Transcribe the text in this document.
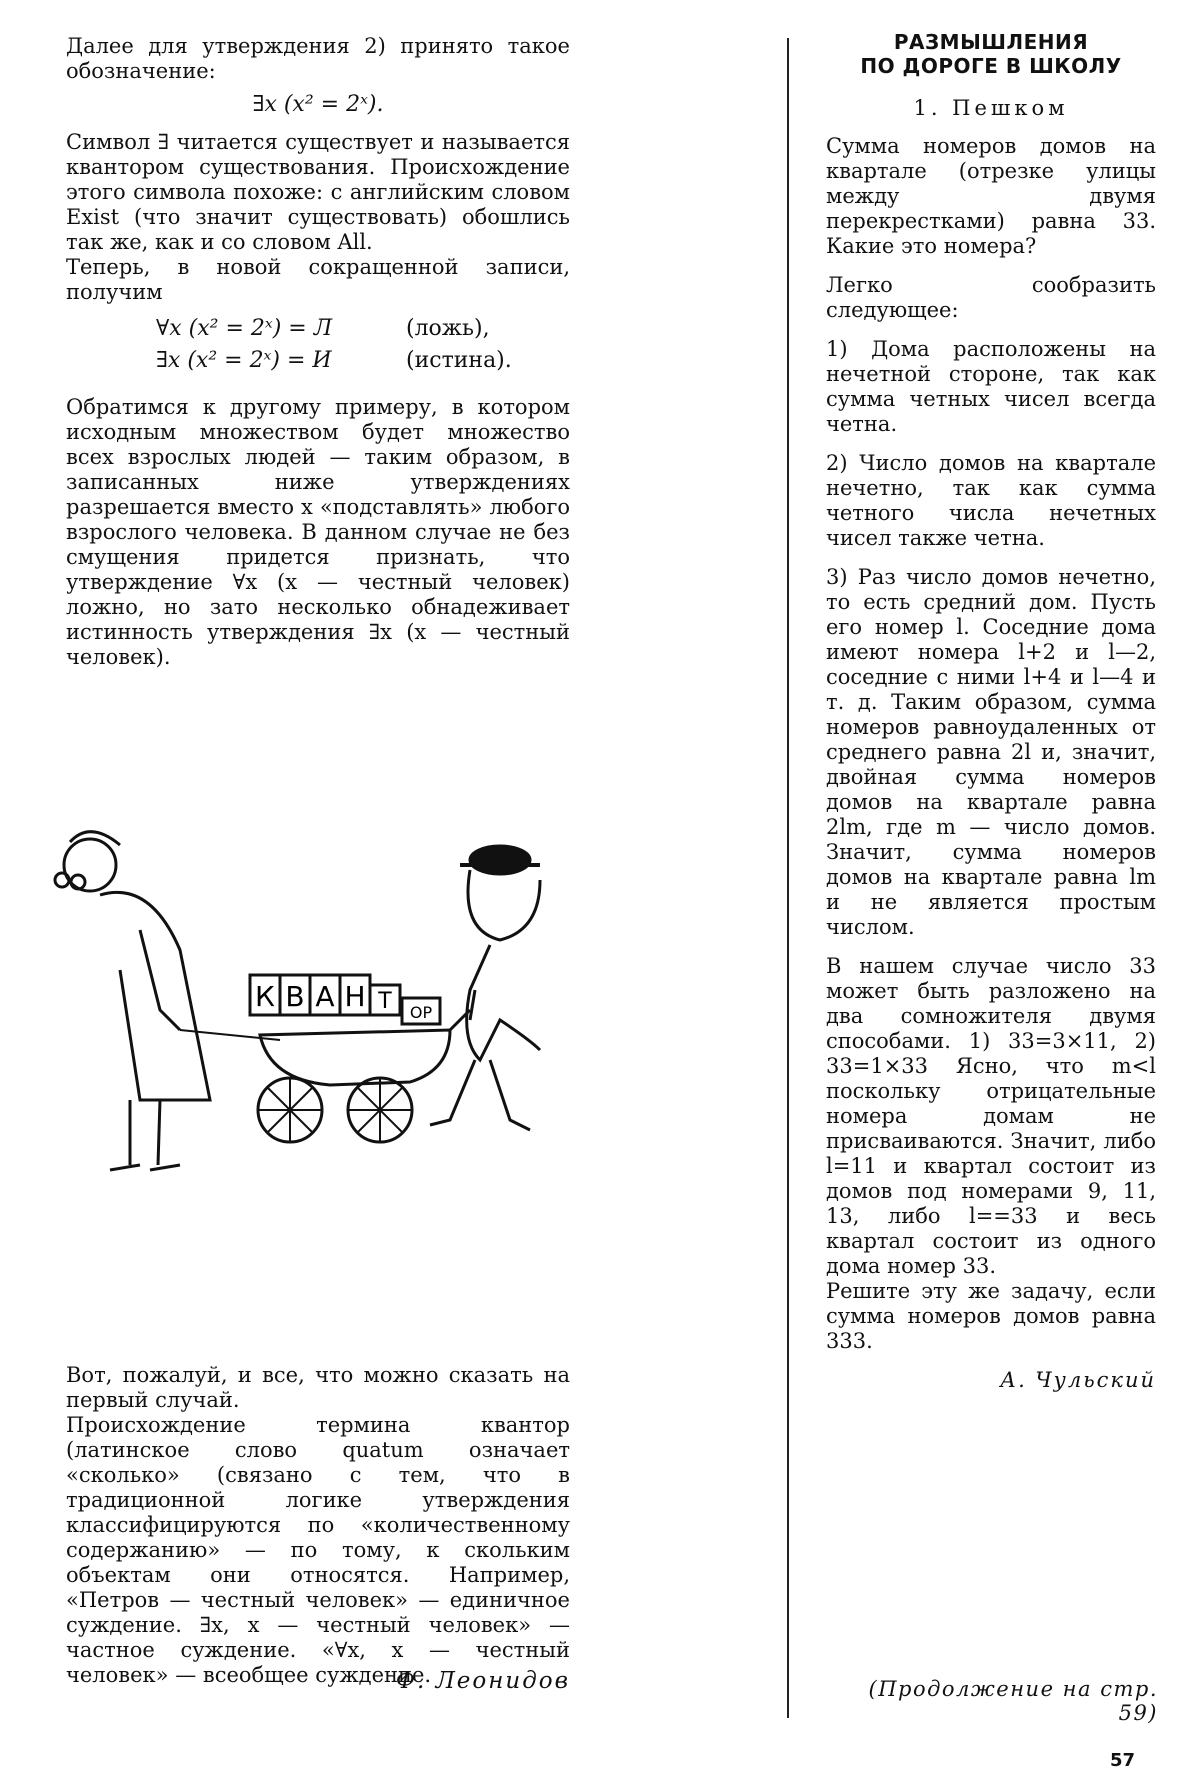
Далее для утверждения 2) принято такое обозначение:

∃x (x² = 2ˣ).

Символ ∃ читается существует и называется квантором существования. Происхождение этого символа похоже: с английским словом Exist (что значит существовать) обошлись так же, как и со словом All.

Теперь, в новой сокращенной записи, получим

∀x (x² = 2ˣ) = Л	(ложь),
∃x (x² = 2ˣ) = И	(истина).

Обратимся к другому примеру, в котором исходным множеством будет множество всех взрослых людей — таким образом, в записанных ниже утверждениях разрешается вместо x «подставлять» любого взрослого человека. В данном случае не без смущения придется признать, что утверждение ∀x (x — честный человек) ложно, но зато несколько обнадеживает истинность утверждения ∃x (x — честный человек).

К В А Н Т ОР

Вот, пожалуй, и все, что можно сказать на первый случай.

Происхождение термина квантор (латинское слово quatum означает «сколько» (связано с тем, что в традиционной логике утверждения классифицируются по «количественному содержанию» — по тому, к скольким объектам они относятся. Например, «Петров — честный человек» — единичное суждение. ∃x, x — честный человек» — частное суждение. «∀x, x — честный человек» — всеобщее суждение.

Ф. Леонидов
РАЗМЫШЛЕНИЯ
ПО ДОРОГЕ В ШКОЛУ
1. Пешком

Сумма номеров домов на квартале (отрезке улицы между двумя перекрестками) равна 33. Какие это номера?

Легко сообразить следующее:

1) Дома расположены на нечетной стороне, так как сумма четных чисел всегда четна.

2) Число домов на квартале нечетно, так как сумма четного числа нечетных чисел также четна.

3) Раз число домов нечетно, то есть средний дом. Пусть его номер l. Соседние дома имеют номера l+2 и l—2, соседние с ними l+4 и l—4 и т. д. Таким образом, сумма номеров равноудаленных от среднего равна 2l и, значит, двойная сумма номеров домов на квартале равна 2lm, где m — число домов. Значит, сумма номеров домов на квартале равна lm и не является простым числом.

В нашем случае число 33 может быть разложено на два сомножителя двумя способами. 1) 33=3×11, 2) 33=1×33 Ясно, что m<l поскольку отрицательные номера домам не присваиваются. Значит, либо l=11 и квартал состоит из домов под номерами 9, 11, 13, либо l==33 и весь квартал состоит из одного дома номер 33.

Решите эту же задачу, если сумма номеров домов равна 333.

А. Чульский
(Продолжение на стр. 59)
57
